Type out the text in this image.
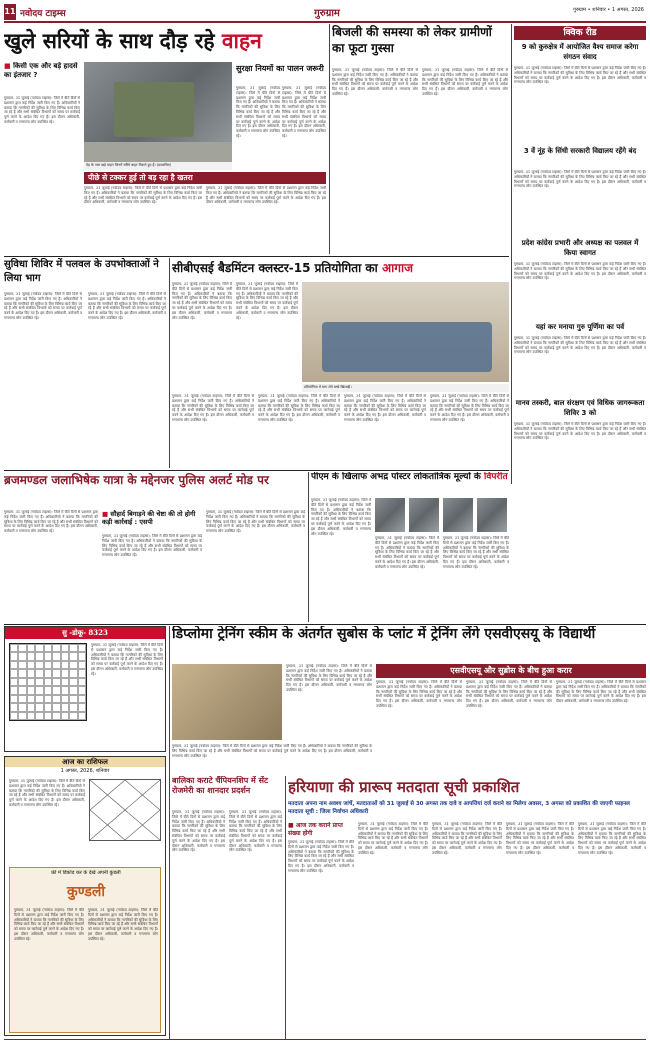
11 नवोदय टाइम्स	गुरुग्राम	गुरुग्राम • शनिवार • 1 अगस्त, 2026
खुले सरियों के साथ दौड़ रहे वाहन
■ किसी एक और बड़े हादसे का इंतजार ?
गुरुग्राम, 31 जुलाई (नवोदय टाइम्स): जिले में बीते दिनों से प्रशासन द्वारा कई निर्देश जारी किए गए हैं। अधिकारियों ने बताया कि नागरिकों की सुविधा के लिए विभिन्न कार्य किए जा रहे हैं और सभी संबंधित विभागों को समय पर कार्रवाई पूर्ण करने के आदेश दिए गए हैं। इस दौरान अधिकारी, कर्मचारी व गणमान्य लोग उपस्थित रहे।
पेड़ के पास खड़े वाहन जिनमें सरिये बाहर निकले हुए हैं। (छायाचित्र)
पीछे से टक्कर हुई तो बड़ रहा है खतरा
गुरुग्राम, 31 जुलाई (नवोदय टाइम्स): जिले में बीते दिनों से प्रशासन द्वारा कई निर्देश जारी किए गए हैं। अधिकारियों ने बताया कि नागरिकों की सुविधा के लिए विभिन्न कार्य किए जा रहे हैं और सभी संबंधित विभागों को समय पर कार्रवाई पूर्ण करने के आदेश दिए गए हैं। इस दौरान अधिकारी, कर्मचारी व गणमान्य लोग उपस्थित रहे।
गुरुग्राम, 31 जुलाई (नवोदय टाइम्स): जिले में बीते दिनों से प्रशासन द्वारा कई निर्देश जारी किए गए हैं। अधिकारियों ने बताया कि नागरिकों की सुविधा के लिए विभिन्न कार्य किए जा रहे हैं और सभी संबंधित विभागों को समय पर कार्रवाई पूर्ण करने के आदेश दिए गए हैं। इस दौरान अधिकारी, कर्मचारी व गणमान्य लोग उपस्थित रहे।
सुरक्षा नियमों का पालन जरूरी
गुरुग्राम, 31 जुलाई (नवोदय टाइम्स): जिले में बीते दिनों से प्रशासन द्वारा कई निर्देश जारी किए गए हैं। अधिकारियों ने बताया कि नागरिकों की सुविधा के लिए विभिन्न कार्य किए जा रहे हैं और सभी संबंधित विभागों को समय पर कार्रवाई पूर्ण करने के आदेश दिए गए हैं। इस दौरान अधिकारी, कर्मचारी व गणमान्य लोग उपस्थित रहे।
गुरुग्राम, 31 जुलाई (नवोदय टाइम्स): जिले में बीते दिनों से प्रशासन द्वारा कई निर्देश जारी किए गए हैं। अधिकारियों ने बताया कि नागरिकों की सुविधा के लिए विभिन्न कार्य किए जा रहे हैं और सभी संबंधित विभागों को समय पर कार्रवाई पूर्ण करने के आदेश दिए गए हैं। इस दौरान अधिकारी, कर्मचारी व गणमान्य लोग उपस्थित रहे।
बिजली की समस्या को लेकर ग्रामीणों का फूटा गुस्सा
गुरुग्राम, 31 जुलाई (नवोदय टाइम्स): जिले में बीते दिनों से प्रशासन द्वारा कई निर्देश जारी किए गए हैं। अधिकारियों ने बताया कि नागरिकों की सुविधा के लिए विभिन्न कार्य किए जा रहे हैं और सभी संबंधित विभागों को समय पर कार्रवाई पूर्ण करने के आदेश दिए गए हैं। इस दौरान अधिकारी, कर्मचारी व गणमान्य लोग उपस्थित रहे।
गुरुग्राम, 31 जुलाई (नवोदय टाइम्स): जिले में बीते दिनों से प्रशासन द्वारा कई निर्देश जारी किए गए हैं। अधिकारियों ने बताया कि नागरिकों की सुविधा के लिए विभिन्न कार्य किए जा रहे हैं और सभी संबंधित विभागों को समय पर कार्रवाई पूर्ण करने के आदेश दिए गए हैं। इस दौरान अधिकारी, कर्मचारी व गणमान्य लोग उपस्थित रहे।
क्विक रीड
9 को कुरुक्षेत्र में आयोजित वैश्य समाज करेगा संगठन संवाद
गुरुग्राम, 31 जुलाई (नवोदय टाइम्स): जिले में बीते दिनों से प्रशासन द्वारा कई निर्देश जारी किए गए हैं। अधिकारियों ने बताया कि नागरिकों की सुविधा के लिए विभिन्न कार्य किए जा रहे हैं और सभी संबंधित विभागों को समय पर कार्रवाई पूर्ण करने के आदेश दिए गए हैं। इस दौरान अधिकारी, कर्मचारी व गणमान्य लोग उपस्थित रहे।
3 वें नूंह के सिंधी सरकारी विद्यालय रहेंगे बंद
गुरुग्राम, 31 जुलाई (नवोदय टाइम्स): जिले में बीते दिनों से प्रशासन द्वारा कई निर्देश जारी किए गए हैं। अधिकारियों ने बताया कि नागरिकों की सुविधा के लिए विभिन्न कार्य किए जा रहे हैं और सभी संबंधित विभागों को समय पर कार्रवाई पूर्ण करने के आदेश दिए गए हैं। इस दौरान अधिकारी, कर्मचारी व गणमान्य लोग उपस्थित रहे।
प्रदेश कांग्रेस प्रभारी और अध्यक्ष का पलवल में किया स्वागत
गुरुग्राम, 31 जुलाई (नवोदय टाइम्स): जिले में बीते दिनों से प्रशासन द्वारा कई निर्देश जारी किए गए हैं। अधिकारियों ने बताया कि नागरिकों की सुविधा के लिए विभिन्न कार्य किए जा रहे हैं और सभी संबंधित विभागों को समय पर कार्रवाई पूर्ण करने के आदेश दिए गए हैं। इस दौरान अधिकारी, कर्मचारी व गणमान्य लोग उपस्थित रहे।
यहां कर मनाया गुरु पूर्णिमा का पर्व
गुरुग्राम, 31 जुलाई (नवोदय टाइम्स): जिले में बीते दिनों से प्रशासन द्वारा कई निर्देश जारी किए गए हैं। अधिकारियों ने बताया कि नागरिकों की सुविधा के लिए विभिन्न कार्य किए जा रहे हैं और सभी संबंधित विभागों को समय पर कार्रवाई पूर्ण करने के आदेश दिए गए हैं। इस दौरान अधिकारी, कर्मचारी व गणमान्य लोग उपस्थित रहे।
मानव तस्करी, बाल संरक्षण एवं विधिक जागरूकता शिविर 3 को
गुरुग्राम, 31 जुलाई (नवोदय टाइम्स): जिले में बीते दिनों से प्रशासन द्वारा कई निर्देश जारी किए गए हैं। अधिकारियों ने बताया कि नागरिकों की सुविधा के लिए विभिन्न कार्य किए जा रहे हैं और सभी संबंधित विभागों को समय पर कार्रवाई पूर्ण करने के आदेश दिए गए हैं। इस दौरान अधिकारी, कर्मचारी व गणमान्य लोग उपस्थित रहे।
सुविधा शिविर में पलवल के उपभोक्ताओं ने लिया भाग
गुरुग्राम, 31 जुलाई (नवोदय टाइम्स): जिले में बीते दिनों से प्रशासन द्वारा कई निर्देश जारी किए गए हैं। अधिकारियों ने बताया कि नागरिकों की सुविधा के लिए विभिन्न कार्य किए जा रहे हैं और सभी संबंधित विभागों को समय पर कार्रवाई पूर्ण करने के आदेश दिए गए हैं। इस दौरान अधिकारी, कर्मचारी व गणमान्य लोग उपस्थित रहे।
गुरुग्राम, 31 जुलाई (नवोदय टाइम्स): जिले में बीते दिनों से प्रशासन द्वारा कई निर्देश जारी किए गए हैं। अधिकारियों ने बताया कि नागरिकों की सुविधा के लिए विभिन्न कार्य किए जा रहे हैं और सभी संबंधित विभागों को समय पर कार्रवाई पूर्ण करने के आदेश दिए गए हैं। इस दौरान अधिकारी, कर्मचारी व गणमान्य लोग उपस्थित रहे।
सीबीएसई बैडमिंटन क्लस्टर-15 प्रतियोगिता का आगाज
गुरुग्राम, 31 जुलाई (नवोदय टाइम्स): जिले में बीते दिनों से प्रशासन द्वारा कई निर्देश जारी किए गए हैं। अधिकारियों ने बताया कि नागरिकों की सुविधा के लिए विभिन्न कार्य किए जा रहे हैं और सभी संबंधित विभागों को समय पर कार्रवाई पूर्ण करने के आदेश दिए गए हैं। इस दौरान अधिकारी, कर्मचारी व गणमान्य लोग उपस्थित रहे।
गुरुग्राम, 31 जुलाई (नवोदय टाइम्स): जिले में बीते दिनों से प्रशासन द्वारा कई निर्देश जारी किए गए हैं। अधिकारियों ने बताया कि नागरिकों की सुविधा के लिए विभिन्न कार्य किए जा रहे हैं और सभी संबंधित विभागों को समय पर कार्रवाई पूर्ण करने के आदेश दिए गए हैं। इस दौरान अधिकारी, कर्मचारी व गणमान्य लोग उपस्थित रहे।
प्रतियोगिता में भाग लेते बच्चे खिलाड़ी।
गुरुग्राम, 31 जुलाई (नवोदय टाइम्स): जिले में बीते दिनों से प्रशासन द्वारा कई निर्देश जारी किए गए हैं। अधिकारियों ने बताया कि नागरिकों की सुविधा के लिए विभिन्न कार्य किए जा रहे हैं और सभी संबंधित विभागों को समय पर कार्रवाई पूर्ण करने के आदेश दिए गए हैं। इस दौरान अधिकारी, कर्मचारी व गणमान्य लोग उपस्थित रहे।
गुरुग्राम, 31 जुलाई (नवोदय टाइम्स): जिले में बीते दिनों से प्रशासन द्वारा कई निर्देश जारी किए गए हैं। अधिकारियों ने बताया कि नागरिकों की सुविधा के लिए विभिन्न कार्य किए जा रहे हैं और सभी संबंधित विभागों को समय पर कार्रवाई पूर्ण करने के आदेश दिए गए हैं। इस दौरान अधिकारी, कर्मचारी व गणमान्य लोग उपस्थित रहे।
गुरुग्राम, 31 जुलाई (नवोदय टाइम्स): जिले में बीते दिनों से प्रशासन द्वारा कई निर्देश जारी किए गए हैं। अधिकारियों ने बताया कि नागरिकों की सुविधा के लिए विभिन्न कार्य किए जा रहे हैं और सभी संबंधित विभागों को समय पर कार्रवाई पूर्ण करने के आदेश दिए गए हैं। इस दौरान अधिकारी, कर्मचारी व गणमान्य लोग उपस्थित रहे।
गुरुग्राम, 31 जुलाई (नवोदय टाइम्स): जिले में बीते दिनों से प्रशासन द्वारा कई निर्देश जारी किए गए हैं। अधिकारियों ने बताया कि नागरिकों की सुविधा के लिए विभिन्न कार्य किए जा रहे हैं और सभी संबंधित विभागों को समय पर कार्रवाई पूर्ण करने के आदेश दिए गए हैं। इस दौरान अधिकारी, कर्मचारी व गणमान्य लोग उपस्थित रहे।
ब्रजमण्डल जलाभिषेक यात्रा के मद्देनजर पुलिस अलर्ट मोड पर
गुरुग्राम, 31 जुलाई (नवोदय टाइम्स): जिले में बीते दिनों से प्रशासन द्वारा कई निर्देश जारी किए गए हैं। अधिकारियों ने बताया कि नागरिकों की सुविधा के लिए विभिन्न कार्य किए जा रहे हैं और सभी संबंधित विभागों को समय पर कार्रवाई पूर्ण करने के आदेश दिए गए हैं। इस दौरान अधिकारी, कर्मचारी व गणमान्य लोग उपस्थित रहे।
■ सौहार्द बिगाड़ने की चेष्टा की तो होगी कड़ी कार्रवाई : एसपी
गुरुग्राम, 31 जुलाई (नवोदय टाइम्स): जिले में बीते दिनों से प्रशासन द्वारा कई निर्देश जारी किए गए हैं। अधिकारियों ने बताया कि नागरिकों की सुविधा के लिए विभिन्न कार्य किए जा रहे हैं और सभी संबंधित विभागों को समय पर कार्रवाई पूर्ण करने के आदेश दिए गए हैं। इस दौरान अधिकारी, कर्मचारी व गणमान्य लोग उपस्थित रहे।
गुरुग्राम, 31 जुलाई (नवोदय टाइम्स): जिले में बीते दिनों से प्रशासन द्वारा कई निर्देश जारी किए गए हैं। अधिकारियों ने बताया कि नागरिकों की सुविधा के लिए विभिन्न कार्य किए जा रहे हैं और सभी संबंधित विभागों को समय पर कार्रवाई पूर्ण करने के आदेश दिए गए हैं। इस दौरान अधिकारी, कर्मचारी व गणमान्य लोग उपस्थित रहे।
पीएम के खिलाफ अभद्र पोस्टर लोकतांत्रिक मूल्यों के विपरीत
गुरुग्राम, 31 जुलाई (नवोदय टाइम्स): जिले में बीते दिनों से प्रशासन द्वारा कई निर्देश जारी किए गए हैं। अधिकारियों ने बताया कि नागरिकों की सुविधा के लिए विभिन्न कार्य किए जा रहे हैं और सभी संबंधित विभागों को समय पर कार्रवाई पूर्ण करने के आदेश दिए गए हैं। इस दौरान अधिकारी, कर्मचारी व गणमान्य लोग उपस्थित रहे।
गुरुग्राम, 31 जुलाई (नवोदय टाइम्स): जिले में बीते दिनों से प्रशासन द्वारा कई निर्देश जारी किए गए हैं। अधिकारियों ने बताया कि नागरिकों की सुविधा के लिए विभिन्न कार्य किए जा रहे हैं और सभी संबंधित विभागों को समय पर कार्रवाई पूर्ण करने के आदेश दिए गए हैं। इस दौरान अधिकारी, कर्मचारी व गणमान्य लोग उपस्थित रहे।
गुरुग्राम, 31 जुलाई (नवोदय टाइम्स): जिले में बीते दिनों से प्रशासन द्वारा कई निर्देश जारी किए गए हैं। अधिकारियों ने बताया कि नागरिकों की सुविधा के लिए विभिन्न कार्य किए जा रहे हैं और सभी संबंधित विभागों को समय पर कार्रवाई पूर्ण करने के आदेश दिए गए हैं। इस दौरान अधिकारी, कर्मचारी व गणमान्य लोग उपस्थित रहे।
सु -डोकू- 8323
गुरुग्राम, 31 जुलाई (नवोदय टाइम्स): जिले में बीते दिनों से प्रशासन द्वारा कई निर्देश जारी किए गए हैं। अधिकारियों ने बताया कि नागरिकों की सुविधा के लिए विभिन्न कार्य किए जा रहे हैं और सभी संबंधित विभागों को समय पर कार्रवाई पूर्ण करने के आदेश दिए गए हैं। इस दौरान अधिकारी, कर्मचारी व गणमान्य लोग उपस्थित रहे।
आज का राशिफल
1 अगस्त, 2026, शनिवार
गुरुग्राम, 31 जुलाई (नवोदय टाइम्स): जिले में बीते दिनों से प्रशासन द्वारा कई निर्देश जारी किए गए हैं। अधिकारियों ने बताया कि नागरिकों की सुविधा के लिए विभिन्न कार्य किए जा रहे हैं और सभी संबंधित विभागों को समय पर कार्रवाई पूर्ण करने के आदेश दिए गए हैं। इस दौरान अधिकारी, कर्मचारी व गणमान्य लोग उपस्थित रहे।
फ्री में डिकोड कर के देखें अपनी कुंडली
कुण्डली
गुरुग्राम, 31 जुलाई (नवोदय टाइम्स): जिले में बीते दिनों से प्रशासन द्वारा कई निर्देश जारी किए गए हैं। अधिकारियों ने बताया कि नागरिकों की सुविधा के लिए विभिन्न कार्य किए जा रहे हैं और सभी संबंधित विभागों को समय पर कार्रवाई पूर्ण करने के आदेश दिए गए हैं। इस दौरान अधिकारी, कर्मचारी व गणमान्य लोग उपस्थित रहे।
गुरुग्राम, 31 जुलाई (नवोदय टाइम्स): जिले में बीते दिनों से प्रशासन द्वारा कई निर्देश जारी किए गए हैं। अधिकारियों ने बताया कि नागरिकों की सुविधा के लिए विभिन्न कार्य किए जा रहे हैं और सभी संबंधित विभागों को समय पर कार्रवाई पूर्ण करने के आदेश दिए गए हैं। इस दौरान अधिकारी, कर्मचारी व गणमान्य लोग उपस्थित रहे।
डिप्लोमा ट्रेनिंग स्कीम के अंतर्गत सुबोस के प्लांट में ट्रेनिंग लेंगे एसवीएसयू के विद्यार्थी
गुरुग्राम, 31 जुलाई (नवोदय टाइम्स): जिले में बीते दिनों से प्रशासन द्वारा कई निर्देश जारी किए गए हैं। अधिकारियों ने बताया कि नागरिकों की सुविधा के लिए विभिन्न कार्य किए जा रहे हैं और सभी संबंधित विभागों को समय पर कार्रवाई पूर्ण करने के आदेश दिए गए हैं। इस दौरान अधिकारी, कर्मचारी व गणमान्य लोग उपस्थित रहे।
एसवीएसयू और सुब्रोस के बीच हुआ करार
गुरुग्राम, 31 जुलाई (नवोदय टाइम्स): जिले में बीते दिनों से प्रशासन द्वारा कई निर्देश जारी किए गए हैं। अधिकारियों ने बताया कि नागरिकों की सुविधा के लिए विभिन्न कार्य किए जा रहे हैं और सभी संबंधित विभागों को समय पर कार्रवाई पूर्ण करने के आदेश दिए गए हैं। इस दौरान अधिकारी, कर्मचारी व गणमान्य लोग उपस्थित रहे।
गुरुग्राम, 31 जुलाई (नवोदय टाइम्स): जिले में बीते दिनों से प्रशासन द्वारा कई निर्देश जारी किए गए हैं। अधिकारियों ने बताया कि नागरिकों की सुविधा के लिए विभिन्न कार्य किए जा रहे हैं और सभी संबंधित विभागों को समय पर कार्रवाई पूर्ण करने के आदेश दिए गए हैं। इस दौरान अधिकारी, कर्मचारी व गणमान्य लोग उपस्थित रहे।
गुरुग्राम, 31 जुलाई (नवोदय टाइम्स): जिले में बीते दिनों से प्रशासन द्वारा कई निर्देश जारी किए गए हैं। अधिकारियों ने बताया कि नागरिकों की सुविधा के लिए विभिन्न कार्य किए जा रहे हैं और सभी संबंधित विभागों को समय पर कार्रवाई पूर्ण करने के आदेश दिए गए हैं। इस दौरान अधिकारी, कर्मचारी व गणमान्य लोग उपस्थित रहे।
गुरुग्राम, 31 जुलाई (नवोदय टाइम्स): जिले में बीते दिनों से प्रशासन द्वारा कई निर्देश जारी किए गए हैं। अधिकारियों ने बताया कि नागरिकों की सुविधा के लिए विभिन्न कार्य किए जा रहे हैं और सभी संबंधित विभागों को समय पर कार्रवाई पूर्ण करने के आदेश दिए गए हैं। इस दौरान अधिकारी, कर्मचारी व गणमान्य लोग उपस्थित रहे।
बालिका कराटे चैंपियनशिप में सेंट रोजमेरी का शानदार प्रदर्शन
गुरुग्राम, 31 जुलाई (नवोदय टाइम्स): जिले में बीते दिनों से प्रशासन द्वारा कई निर्देश जारी किए गए हैं। अधिकारियों ने बताया कि नागरिकों की सुविधा के लिए विभिन्न कार्य किए जा रहे हैं और सभी संबंधित विभागों को समय पर कार्रवाई पूर्ण करने के आदेश दिए गए हैं। इस दौरान अधिकारी, कर्मचारी व गणमान्य लोग उपस्थित रहे।
गुरुग्राम, 31 जुलाई (नवोदय टाइम्स): जिले में बीते दिनों से प्रशासन द्वारा कई निर्देश जारी किए गए हैं। अधिकारियों ने बताया कि नागरिकों की सुविधा के लिए विभिन्न कार्य किए जा रहे हैं और सभी संबंधित विभागों को समय पर कार्रवाई पूर्ण करने के आदेश दिए गए हैं। इस दौरान अधिकारी, कर्मचारी व गणमान्य लोग उपस्थित रहे।
हरियाणा की प्रारूप मतदाता सूची प्रकाशित
मतदाता अपना नाम अवश्य जांचें, मतदाताओं को 31 जुलाई से 30 अगस्त तक दावे व आपत्तियां दर्ज कराने का मिलेगा अवसर, 3 अगस्त को प्रकाशित की जाएगी फाइनल मतदाता सूची : जिला निर्वाचन अधिकारी
■ आज तक कराने प्राप्त संख्या होंगी
गुरुग्राम, 31 जुलाई (नवोदय टाइम्स): जिले में बीते दिनों से प्रशासन द्वारा कई निर्देश जारी किए गए हैं। अधिकारियों ने बताया कि नागरिकों की सुविधा के लिए विभिन्न कार्य किए जा रहे हैं और सभी संबंधित विभागों को समय पर कार्रवाई पूर्ण करने के आदेश दिए गए हैं। इस दौरान अधिकारी, कर्मचारी व गणमान्य लोग उपस्थित रहे।
गुरुग्राम, 31 जुलाई (नवोदय टाइम्स): जिले में बीते दिनों से प्रशासन द्वारा कई निर्देश जारी किए गए हैं। अधिकारियों ने बताया कि नागरिकों की सुविधा के लिए विभिन्न कार्य किए जा रहे हैं और सभी संबंधित विभागों को समय पर कार्रवाई पूर्ण करने के आदेश दिए गए हैं। इस दौरान अधिकारी, कर्मचारी व गणमान्य लोग उपस्थित रहे।
गुरुग्राम, 31 जुलाई (नवोदय टाइम्स): जिले में बीते दिनों से प्रशासन द्वारा कई निर्देश जारी किए गए हैं। अधिकारियों ने बताया कि नागरिकों की सुविधा के लिए विभिन्न कार्य किए जा रहे हैं और सभी संबंधित विभागों को समय पर कार्रवाई पूर्ण करने के आदेश दिए गए हैं। इस दौरान अधिकारी, कर्मचारी व गणमान्य लोग उपस्थित रहे।
गुरुग्राम, 31 जुलाई (नवोदय टाइम्स): जिले में बीते दिनों से प्रशासन द्वारा कई निर्देश जारी किए गए हैं। अधिकारियों ने बताया कि नागरिकों की सुविधा के लिए विभिन्न कार्य किए जा रहे हैं और सभी संबंधित विभागों को समय पर कार्रवाई पूर्ण करने के आदेश दिए गए हैं। इस दौरान अधिकारी, कर्मचारी व गणमान्य लोग उपस्थित रहे।
गुरुग्राम, 31 जुलाई (नवोदय टाइम्स): जिले में बीते दिनों से प्रशासन द्वारा कई निर्देश जारी किए गए हैं। अधिकारियों ने बताया कि नागरिकों की सुविधा के लिए विभिन्न कार्य किए जा रहे हैं और सभी संबंधित विभागों को समय पर कार्रवाई पूर्ण करने के आदेश दिए गए हैं। इस दौरान अधिकारी, कर्मचारी व गणमान्य लोग उपस्थित रहे।
